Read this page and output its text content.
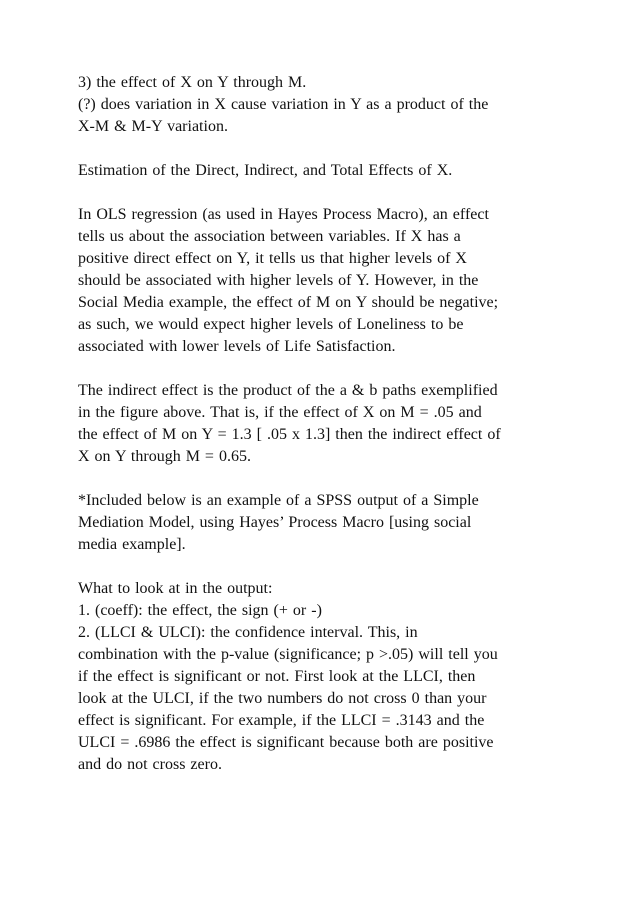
3) the effect of X on Y through M.
(?) does variation in X cause variation in Y as a product of the
X-M & M-Y variation.
Estimation of the Direct, Indirect, and Total Effects of X.
In OLS regression (as used in Hayes Process Macro), an effect
tells us about the association between variables. If X has a
positive direct effect on Y, it tells us that higher levels of X
should be associated with higher levels of Y. However, in the
Social Media example, the effect of M on Y should be negative;
as such, we would expect higher levels of Loneliness to be
associated with lower levels of Life Satisfaction.
The indirect effect is the product of the a & b paths exemplified
in the figure above. That is, if the effect of X on M = .05 and
the effect of M on Y = 1.3 [ .05 x 1.3] then the indirect effect of
X on Y through M = 0.65.
*Included below is an example of a SPSS output of a Simple
Mediation Model, using Hayes’ Process Macro [using social
media example].
What to look at in the output:
1. (coeff): the effect, the sign (+ or -)
2. (LLCI & ULCI): the confidence interval. This, in
combination with the p-value (significance; p >.05) will tell you
if the effect is significant or not. First look at the LLCI, then
look at the ULCI, if the two numbers do not cross 0 than your
effect is significant. For example, if the LLCI = .3143 and the
ULCI = .6986 the effect is significant because both are positive
and do not cross zero.
